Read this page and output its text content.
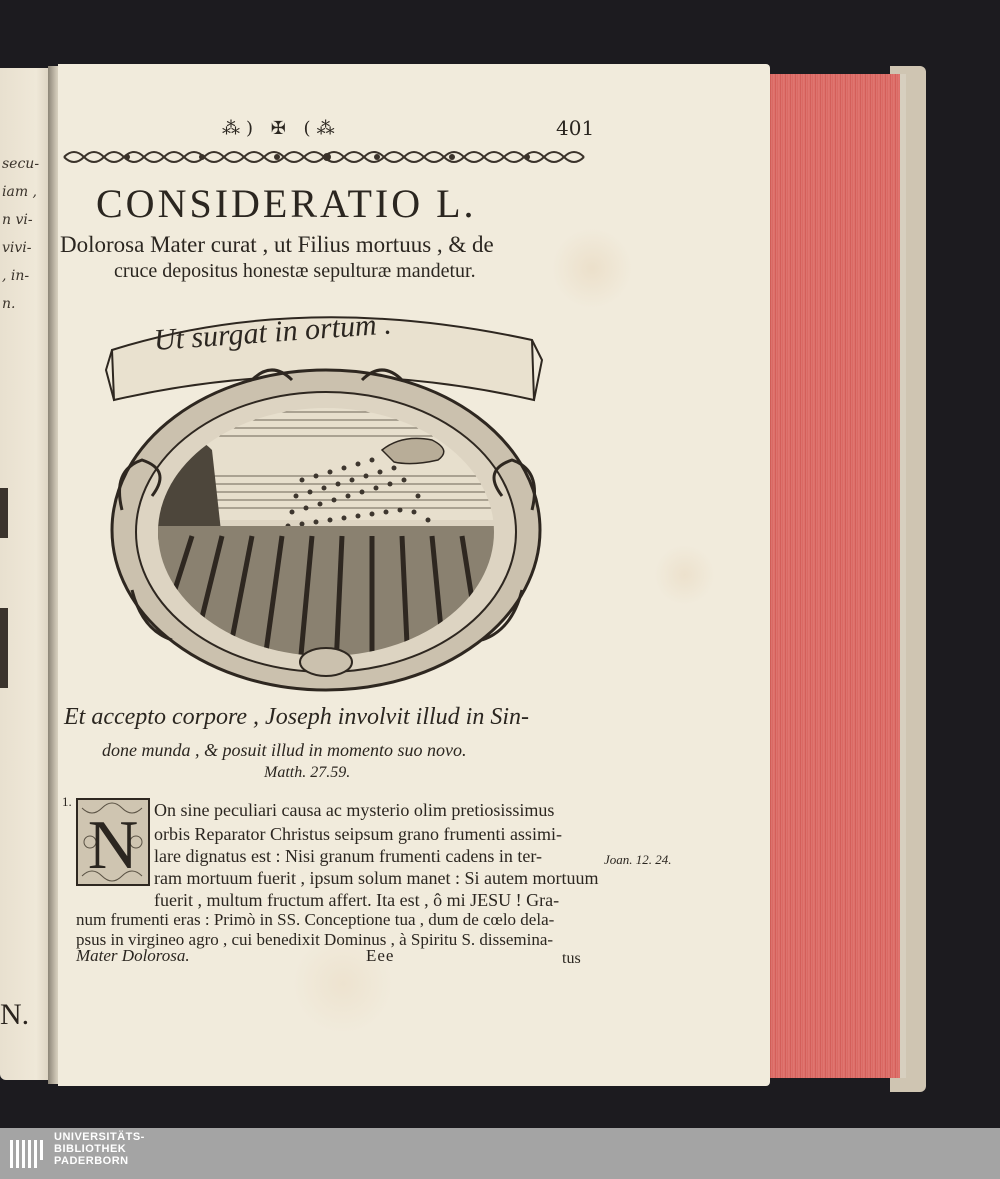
secu-
iam ,
n vi-
vivi-
, in-
n.
N.
⁂) ✠ (⁂	401
CONSIDERATIO L.
Dolorosa Mater curat , ut Filius mortuus , & de
cruce depositus honestæ sepulturæ mandetur.
Ut surgat in ortum .
Et accepto corpore , Joseph involvit illud in Sin-
done munda , & posuit illud in momento suo novo.
Matth. 27.59.
1.
N On sine peculiari causa ac mysterio olim pretiosissimus
orbis Reparator Christus seipsum grano frumenti assimi-
lare dignatus est : Nisi granum frumenti cadens in ter-
ram mortuum fuerit , ipsum solum manet : Si autem mortuum
fuerit , multum fructum affert. Ita est , ô mi JESU ! Gra-
num frumenti eras : Primò in SS. Conceptione tua , dum de cœlo dela-
psus in virgineo agro , cui benedixit Dominus , à Spiritu S. dissemina-
Joan. 12. 24.
Mater Dolorosa.	Eee	tus
UNIVERSITÄTS-
BIBLIOTHEK
PADERBORN
